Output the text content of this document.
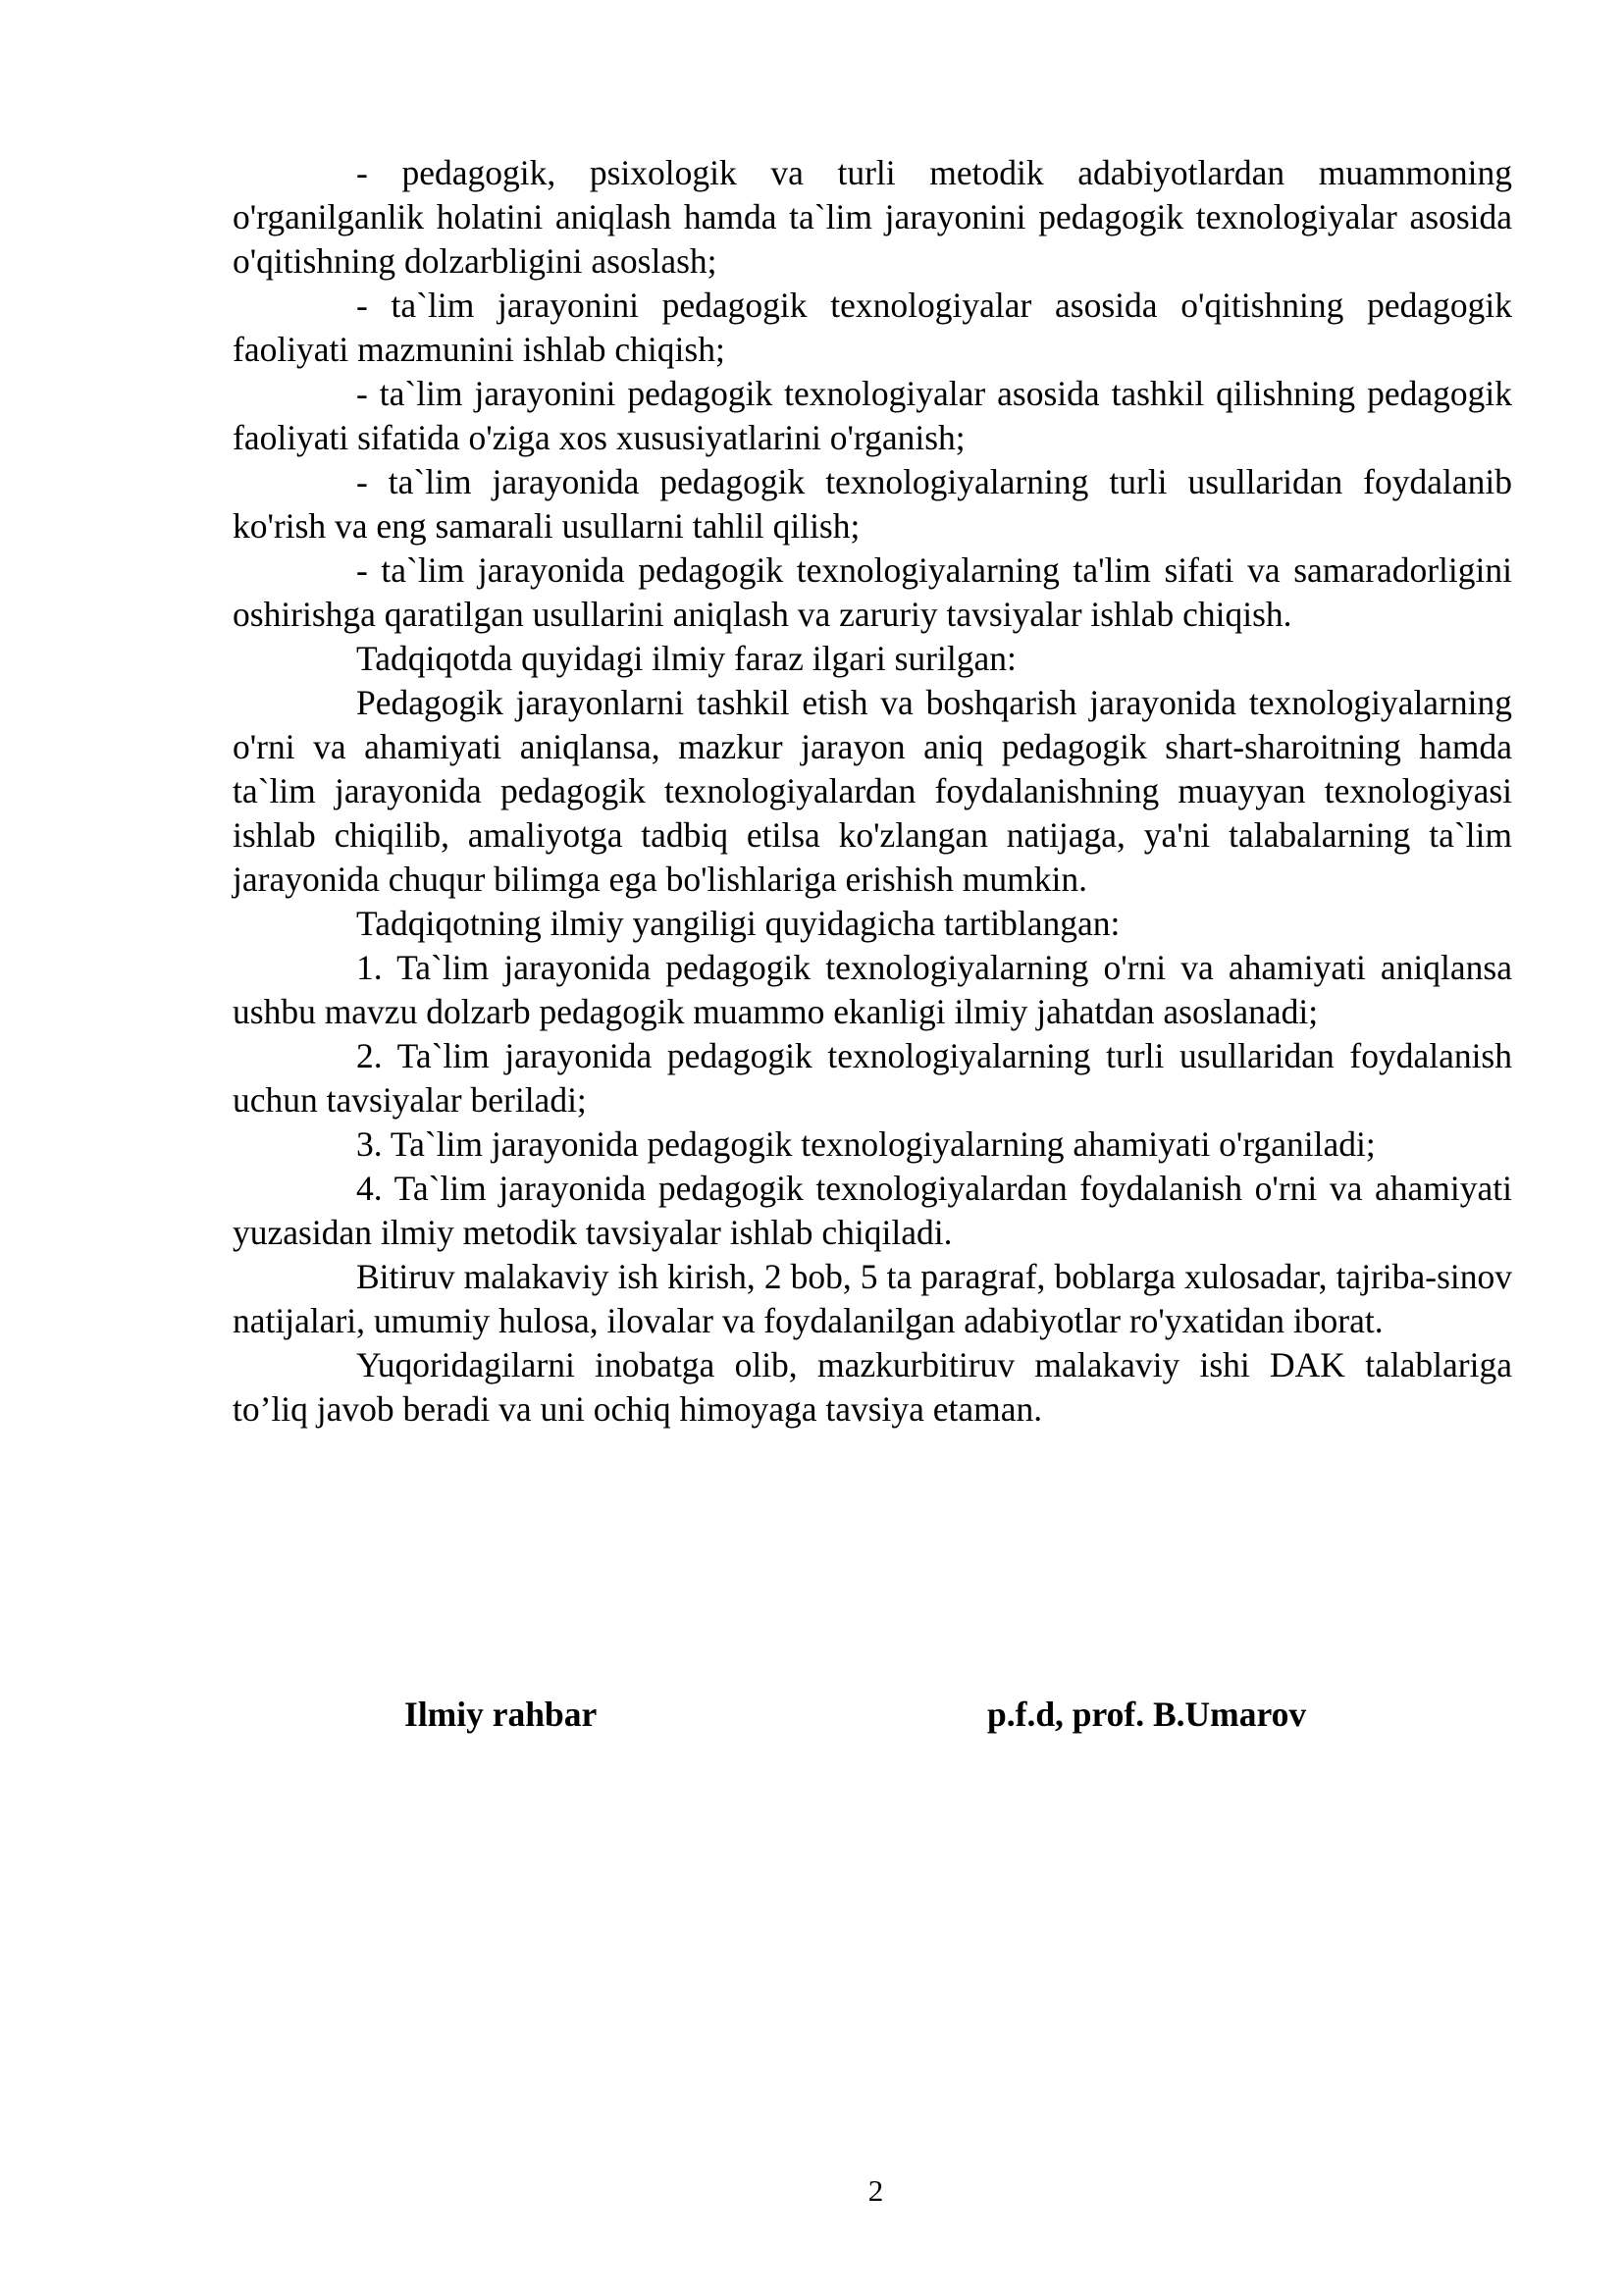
- pedagogik, psixologik va turli metodik adabiyotlardan muammoning o'rganilganlik holatini aniqlash hamda ta`lim jarayonini pedagogik texnologiyalar asosida o'qitishning dolzarbligini asoslash;

- ta`lim jarayonini pedagogik texnologiyalar asosida o'qitishning pedagogik faoliyati mazmunini ishlab chiqish;

- ta`lim jarayonini pedagogik texnologiyalar asosida tashkil qilishning pedagogik faoliyati sifatida o'ziga xos xususiyatlarini o'rganish;

- ta`lim jarayonida pedagogik texnologiyalarning turli usullaridan foydalanib ko'rish va eng samarali usullarni tahlil qilish;

- ta`lim jarayonida pedagogik texnologiyalarning ta'lim sifati va samaradorligini oshirishga qaratilgan usullarini aniqlash va zaruriy tavsiyalar ishlab chiqish.

Tadqiqotda quyidagi ilmiy faraz ilgari surilgan:

Pedagogik jarayonlarni tashkil etish va boshqarish jarayonida texnologiyalarning o'rni va ahamiyati aniqlansa, mazkur jarayon aniq pedagogik shart-sharoitning hamda ta`lim jarayonida pedagogik texnologiyalardan foydalanishning muayyan texnologiyasi ishlab chiqilib, amaliyotga tadbiq etilsa ko'zlangan natijaga, ya'ni talabalarning ta`lim jarayonida chuqur bilimga ega bo'lishlariga erishish mumkin.

Tadqiqotning ilmiy yangiligi quyidagicha tartiblangan:

1. Ta`lim jarayonida pedagogik texnologiyalarning o'rni va ahamiyati aniqlansa ushbu mavzu dolzarb pedagogik muammo ekanligi ilmiy jahatdan asoslanadi;

2. Ta`lim jarayonida pedagogik texnologiyalarning turli usullaridan foydalanish uchun tavsiyalar beriladi;

3. Ta`lim jarayonida pedagogik texnologiyalarning ahamiyati o'rganiladi;

4. Ta`lim jarayonida pedagogik texnologiyalardan foydalanish o'rni va ahamiyati yuzasidan ilmiy metodik tavsiyalar ishlab chiqiladi.

Bitiruv malakaviy ish kirish, 2 bob, 5 ta paragraf, boblarga xulosadar, tajriba-sinov natijalari, umumiy hulosa, ilovalar va foydalanilgan adabiyotlar ro'yxatidan iborat.

Yuqoridagilarni inobatga olib, mazkurbitiruv malakaviy ishi DAK talablariga to’liq javob beradi va uni ochiq himoyaga tavsiya etaman.

Ilmiy rahbar	p.f.d, prof. B.Umarov
2
